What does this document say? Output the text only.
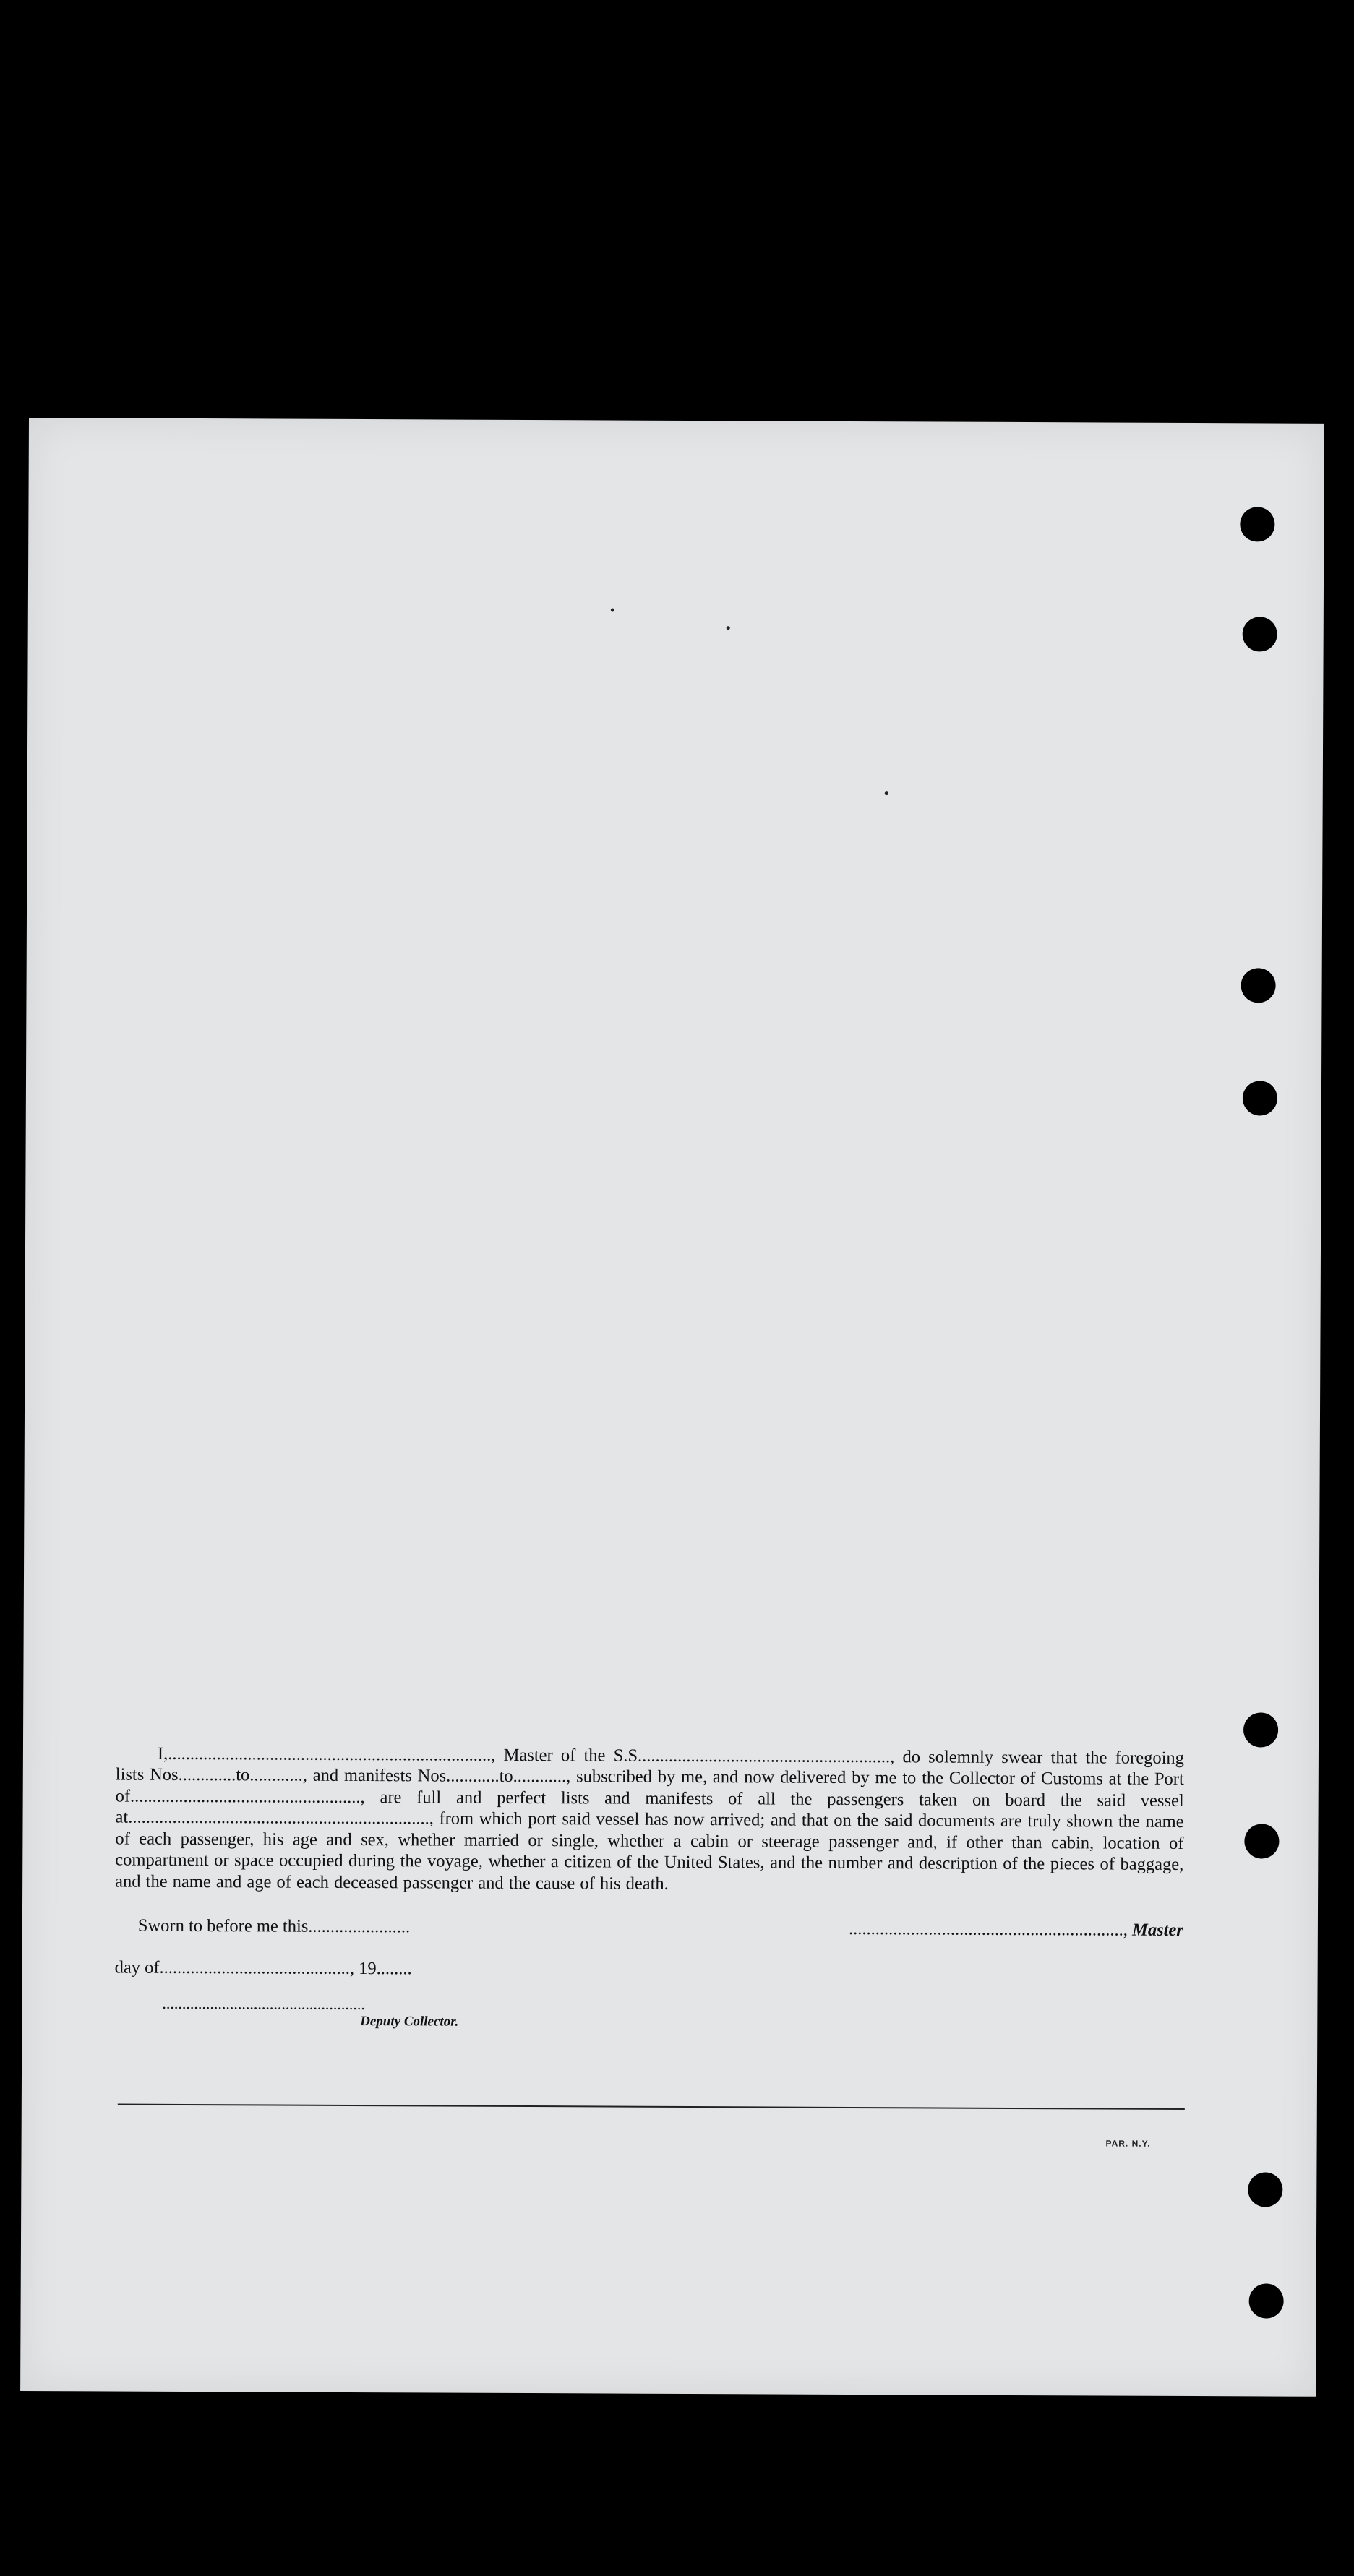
I,........................................................................., Master of the S.S........................................................., do solemnly swear that the foregoing lists Nos.............to............, and manifests Nos............to............, subscribed by me, and now delivered by me to the Collector of Customs at the Port of...................................................., are full and perfect lists and manifests of all the passengers taken on board the said vessel at...................................................................., from which port said vessel has now arrived; and that on the said documents are truly shown the name of each passenger, his age and sex, whether married or single, whether a cabin or steerage passenger and, if other than cabin, location of compartment or space occupied during the voyage, whether a citizen of the United States, and the number and description of the pieces of baggage, and the name and age of each deceased passenger and the cause of his death.

Sworn to before me this.......................	.............................................................., Master
day of..........................................., 19........
...................................................
Deputy Collector.
PAR. N.Y.
